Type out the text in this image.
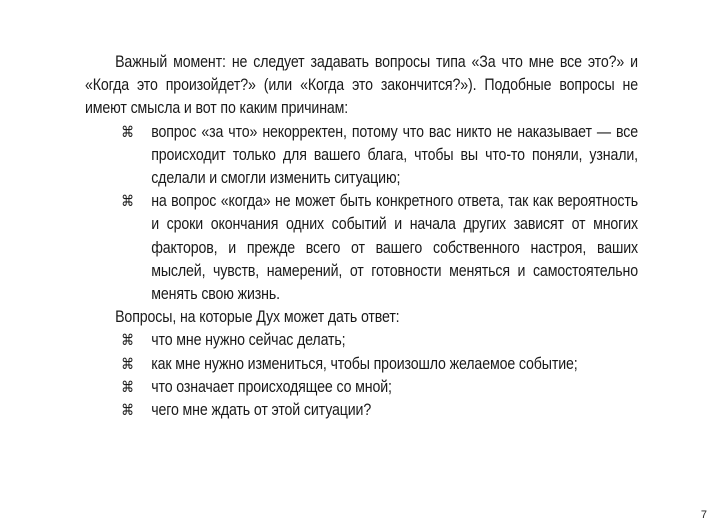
Важный момент: не следует задавать вопросы типа «За что мне все это?» и «Когда это произойдет?» (или «Когда это закончится?»). Подобные вопросы не имеют смысла и вот по каким причинам:

⌘ вопрос «за что» некорректен, потому что вас никто не наказывает — все происходит только для вашего блага, чтобы вы что-то поняли, узнали, сделали и смогли изменить ситуацию;
⌘ на вопрос «когда» не может быть конкретного ответа, так как вероятность и сроки окончания одних событий и начала других зависят от многих факторов, и прежде всего от вашего собственного настроя, ваших мыслей, чувств, намерений, от готовности меняться и самостоятельно менять свою жизнь.

Вопросы, на которые Дух может дать ответ:

⌘ что мне нужно сейчас делать;
⌘ как мне нужно измениться, чтобы произошло желаемое событие;
⌘ что означает происходящее со мной;
⌘ чего мне ждать от этой ситуации?
7
